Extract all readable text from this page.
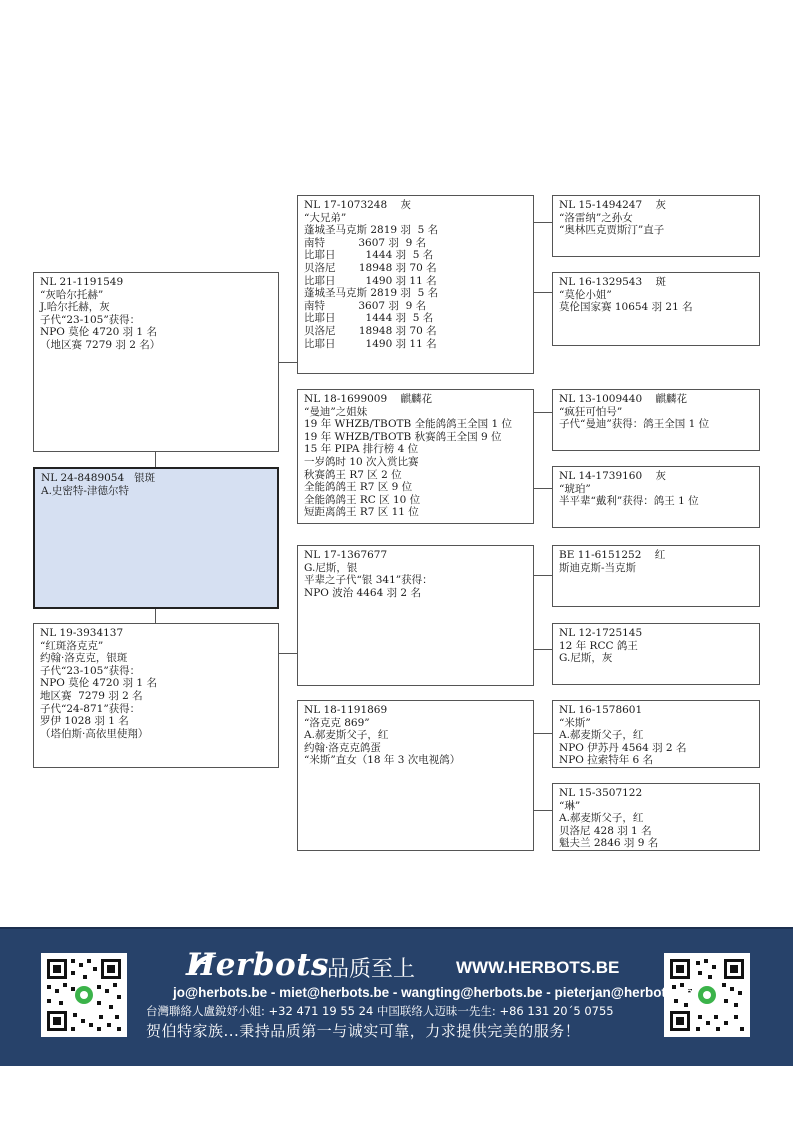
NL 21-1191549
“灰哈尔托赫”
J.哈尔托赫，灰
子代“23-105”获得：
NPO 莫伦 4720 羽 1 名
（地区赛 7279 羽 2 名）
NL 24-8489054   银斑
A.史密特-津德尔特
NL 19-3934137
“红斑洛克克”
约翰·洛克克，银斑
子代“23-105”获得：
NPO 莫伦 4720 羽 1 名
地区赛  7279 羽 2 名
子代“24-871”获得：
罗伊 1028 羽 1 名
（塔伯斯·高依里使翔）
NL 17-1073248    灰
“大兄弟”
蓬城圣马克斯 2819 羽  5 名
南特          3607 羽  9 名
比耶日         1444 羽  5 名
贝洛尼       18948 羽 70 名
比耶日         1490 羽 11 名
蓬城圣马克斯 2819 羽  5 名
南特          3607 羽  9 名
比耶日         1444 羽  5 名
贝洛尼       18948 羽 70 名
比耶日         1490 羽 11 名
NL 18-1699009    麒麟花
“曼迪”之姐妹
19 年 WHZB/TBOTB 全能鸽鸽王全国 1 位
19 年 WHZB/TBOTB 秋赛鸽王全国 9 位
15 年 PIPA 排行榜 4 位
一岁鸽时 10 次入赏比赛
秋赛鸽王 R7 区 2 位
全能鸽鸽王 R7 区 9 位
全能鸽鸽王 RC 区 10 位
短距离鸽王 R7 区 11 位
NL 17-1367677
G.尼斯，银
平辈之子代“银 341”获得：
NPO 波治 4464 羽 2 名
NL 18-1191869
“洛克克 869”
A.郝麦斯父子，红
约翰·洛克克鸽蛋
“米斯”直女（18 年 3 次电视鸽）
NL 15-1494247    灰
“洛雷纳”之孙女
“奥林匹克贾斯汀”直子
NL 16-1329543    斑
“莫伦小姐”
莫伦国家赛 10654 羽 21 名
NL 13-1009440    麒麟花
“疯狂可怕号”
子代“曼迪”获得：鸽王全国 1 位
NL 14-1739160    灰
“琥珀”
半平辈“戴利”获得：鸽王 1 位
BE 11-6151252    红
斯迪克斯-当克斯
NL 12-1725145
12 年 RCC 鸽王
G.尼斯，灰
NL 16-1578601
“米斯”
A.郝麦斯父子，红
NPO 伊苏丹 4564 羽 2 名
NPO 拉索特年 6 名
NL 15-3507122
“琳”
A.郝麦斯父子，红
贝洛尼 428 羽 1 名
魁夫兰 2846 羽 9 名
Herbots
品质至上 WWW.HERBOTS.BE
jo@herbots.be - miet@herbots.be - wangting@herbots.be - pieterjan@herbots.be
台灣聯絡人盧銳妤小姐: +32 471 19 55 24 中国联络人迈昧一先生: +86 131 20´5 0755
贺伯特家族...秉持品质第一与诚实可靠，力求提供完美的服务！
